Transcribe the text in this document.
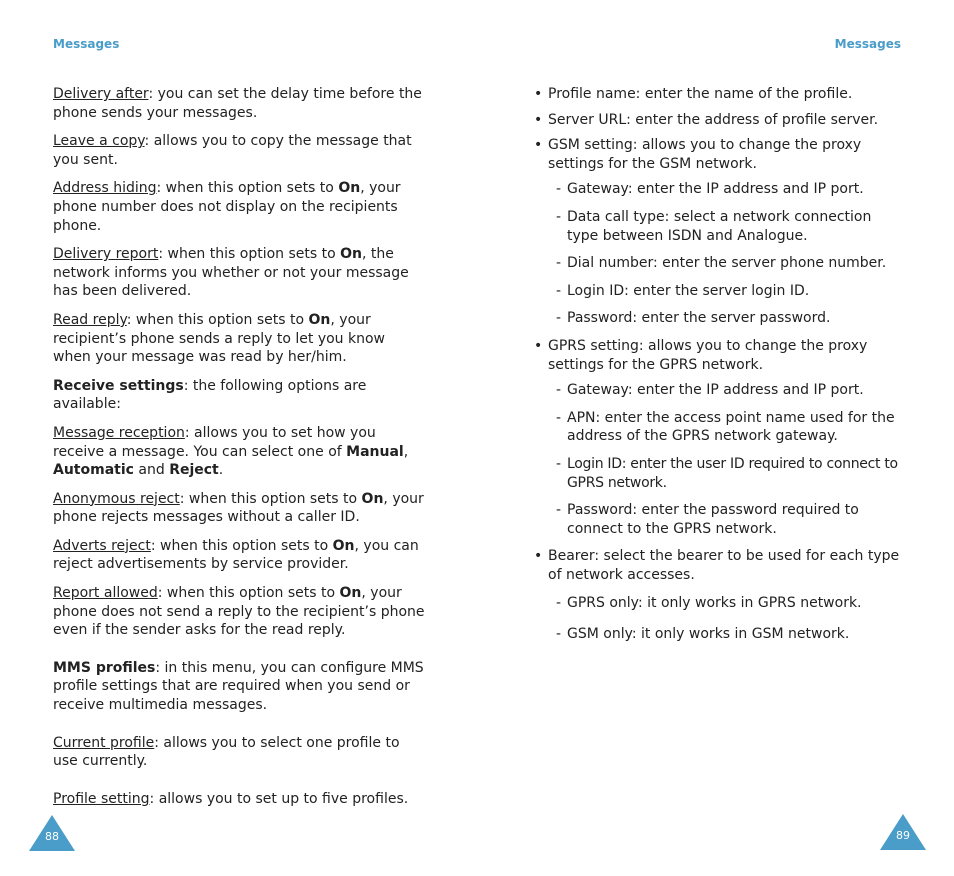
Messages	Messages

Delivery after: you can set the delay time before the phone sends your messages.

Leave a copy: allows you to copy the message that you sent.

Address hiding: when this option sets to On, your phone number does not display on the recipients phone.

Delivery report: when this option sets to On, the network informs you whether or not your message has been delivered.

Read reply: when this option sets to On, your recipient’s phone sends a reply to let you know when your message was read by her/him.

Receive settings: the following options are available:

Message reception: allows you to set how you receive a message. You can select one of Manual, Automatic and Reject.

Anonymous reject: when this option sets to On, your phone rejects messages without a caller ID.

Adverts reject: when this option sets to On, you can reject advertisements by service provider.

Report allowed: when this option sets to On, your phone does not send a reply to the recipient’s phone even if the sender asks for the read reply.

MMS profiles: in this menu, you can configure MMS profile settings that are required when you send or receive multimedia messages.

Current profile: allows you to select one profile to use currently.

Profile setting: allows you to set up to five profiles.

• Profile name: enter the name of the profile.
• Server URL: enter the address of profile server.
• GSM setting: allows you to change the proxy settings for the GSM network.
- Gateway: enter the IP address and IP port.
- Data call type: select a network connection type between ISDN and Analogue.
- Dial number: enter the server phone number.
- Login ID: enter the server login ID.
- Password: enter the server password.
• GPRS setting: allows you to change the proxy settings for the GPRS network.
- Gateway: enter the IP address and IP port.
- APN: enter the access point name used for the address of the GPRS network gateway.
- Login ID: enter the user ID required to connect to GPRS network.
- Password: enter the password required to connect to the GPRS network.
• Bearer: select the bearer to be used for each type of network accesses.
- GPRS only: it only works in GPRS network.
- GSM only: it only works in GSM network.
88	89
